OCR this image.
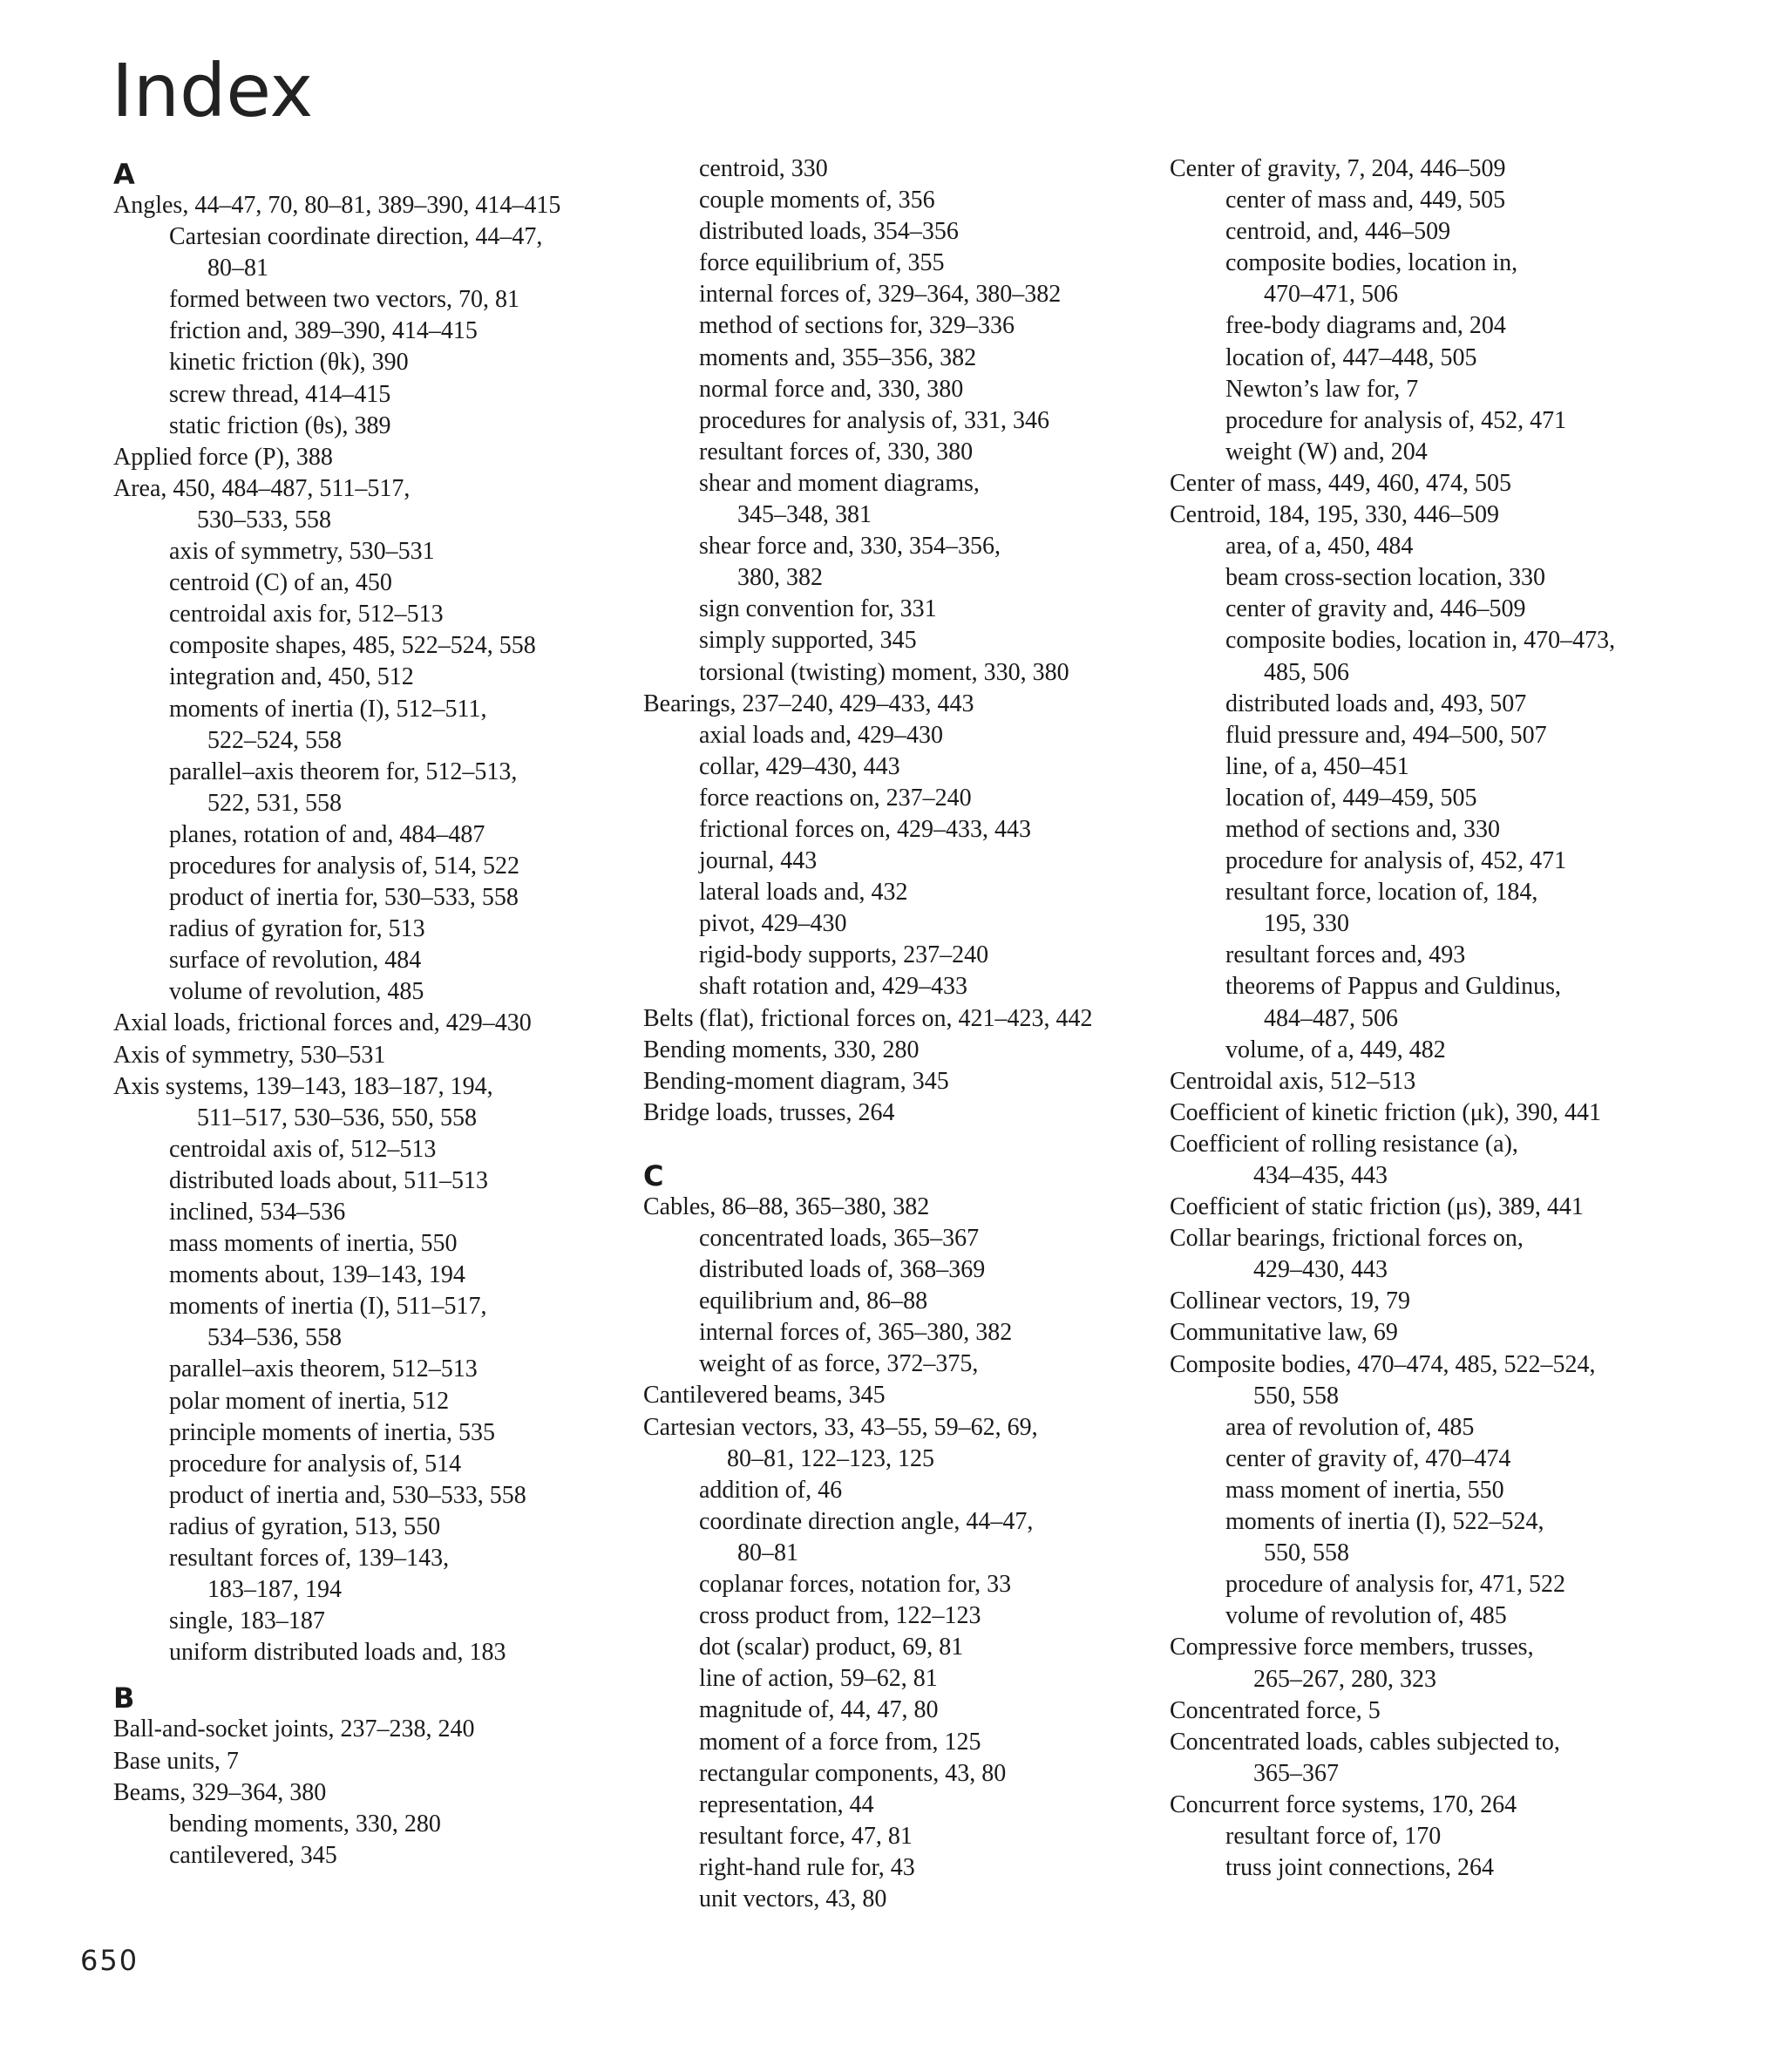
Index
A
Angles, 44–47, 70, 80–81, 389–390, 414–415
Cartesian coordinate direction, 44–47,
80–81
formed between two vectors, 70, 81
friction and, 389–390, 414–415
kinetic friction (θk), 390
screw thread, 414–415
static friction (θs), 389
Applied force (P), 388
Area, 450, 484–487, 511–517,
530–533, 558
axis of symmetry, 530–531
centroid (C) of an, 450
centroidal axis for, 512–513
composite shapes, 485, 522–524, 558
integration and, 450, 512
moments of inertia (I), 512–511,
522–524, 558
parallel–axis theorem for, 512–513,
522, 531, 558
planes, rotation of and, 484–487
procedures for analysis of, 514, 522
product of inertia for, 530–533, 558
radius of gyration for, 513
surface of revolution, 484
volume of revolution, 485
Axial loads, frictional forces and, 429–430
Axis of symmetry, 530–531
Axis systems, 139–143, 183–187, 194,
511–517, 530–536, 550, 558
centroidal axis of, 512–513
distributed loads about, 511–513
inclined, 534–536
mass moments of inertia, 550
moments about, 139–143, 194
moments of inertia (I), 511–517,
534–536, 558
parallel–axis theorem, 512–513
polar moment of inertia, 512
principle moments of inertia, 535
procedure for analysis of, 514
product of inertia and, 530–533, 558
radius of gyration, 513, 550
resultant forces of, 139–143,
183–187, 194
single, 183–187
uniform distributed loads and, 183
B
Ball-and-socket joints, 237–238, 240
Base units, 7
Beams, 329–364, 380
bending moments, 330, 280
cantilevered, 345
centroid, 330
couple moments of, 356
distributed loads, 354–356
force equilibrium of, 355
internal forces of, 329–364, 380–382
method of sections for, 329–336
moments and, 355–356, 382
normal force and, 330, 380
procedures for analysis of, 331, 346
resultant forces of, 330, 380
shear and moment diagrams,
345–348, 381
shear force and, 330, 354–356,
380, 382
sign convention for, 331
simply supported, 345
torsional (twisting) moment, 330, 380
Bearings, 237–240, 429–433, 443
axial loads and, 429–430
collar, 429–430, 443
force reactions on, 237–240
frictional forces on, 429–433, 443
journal, 443
lateral loads and, 432
pivot, 429–430
rigid-body supports, 237–240
shaft rotation and, 429–433
Belts (flat), frictional forces on, 421–423, 442
Bending moments, 330, 280
Bending-moment diagram, 345
Bridge loads, trusses, 264
C
Cables, 86–88, 365–380, 382
concentrated loads, 365–367
distributed loads of, 368–369
equilibrium and, 86–88
internal forces of, 365–380, 382
weight of as force, 372–375,
Cantilevered beams, 345
Cartesian vectors, 33, 43–55, 59–62, 69,
80–81, 122–123, 125
addition of, 46
coordinate direction angle, 44–47,
80–81
coplanar forces, notation for, 33
cross product from, 122–123
dot (scalar) product, 69, 81
line of action, 59–62, 81
magnitude of, 44, 47, 80
moment of a force from, 125
rectangular components, 43, 80
representation, 44
resultant force, 47, 81
right-hand rule for, 43
unit vectors, 43, 80
Center of gravity, 7, 204, 446–509
center of mass and, 449, 505
centroid, and, 446–509
composite bodies, location in,
470–471, 506
free-body diagrams and, 204
location of, 447–448, 505
Newton’s law for, 7
procedure for analysis of, 452, 471
weight (W) and, 204
Center of mass, 449, 460, 474, 505
Centroid, 184, 195, 330, 446–509
area, of a, 450, 484
beam cross-section location, 330
center of gravity and, 446–509
composite bodies, location in, 470–473,
485, 506
distributed loads and, 493, 507
fluid pressure and, 494–500, 507
line, of a, 450–451
location of, 449–459, 505
method of sections and, 330
procedure for analysis of, 452, 471
resultant force, location of, 184,
195, 330
resultant forces and, 493
theorems of Pappus and Guldinus,
484–487, 506
volume, of a, 449, 482
Centroidal axis, 512–513
Coefficient of kinetic friction (μk), 390, 441
Coefficient of rolling resistance (a),
434–435, 443
Coefficient of static friction (μs), 389, 441
Collar bearings, frictional forces on,
429–430, 443
Collinear vectors, 19, 79
Communitative law, 69
Composite bodies, 470–474, 485, 522–524,
550, 558
area of revolution of, 485
center of gravity of, 470–474
mass moment of inertia, 550
moments of inertia (I), 522–524,
550, 558
procedure of analysis for, 471, 522
volume of revolution of, 485
Compressive force members, trusses,
265–267, 280, 323
Concentrated force, 5
Concentrated loads, cables subjected to,
365–367
Concurrent force systems, 170, 264
resultant force of, 170
truss joint connections, 264
650
